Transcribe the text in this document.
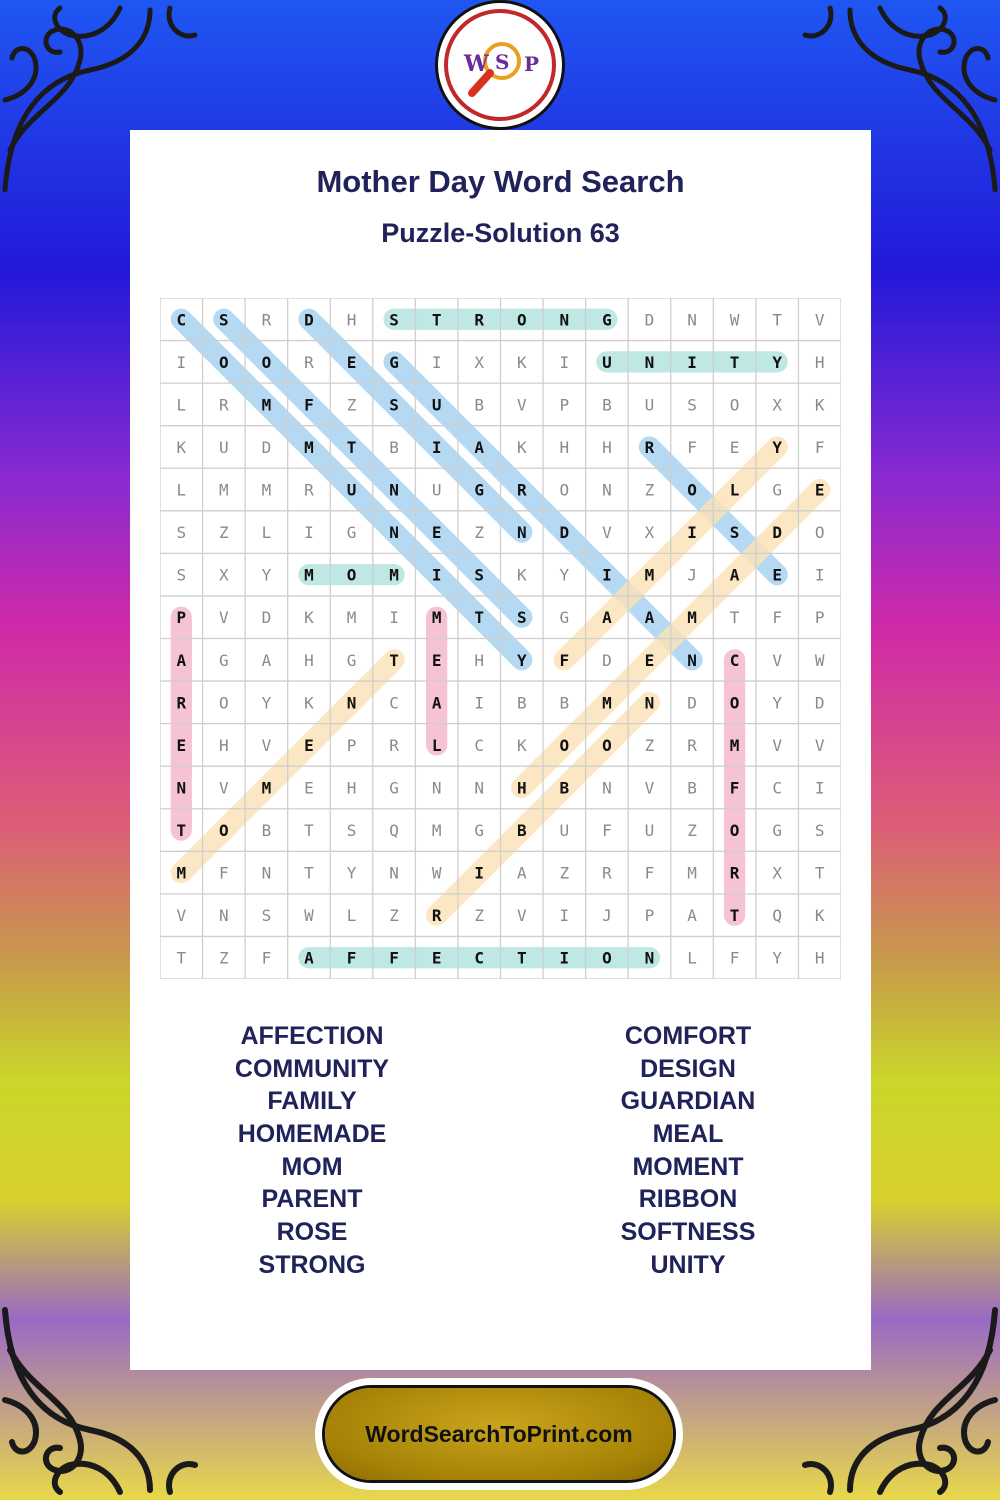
W S P
Mother Day Word Search
Puzzle-Solution 63
C S R D H S T R O N G D N W T V
I O O R E G I X K I U N I T Y H
L R M F Z S U B V P B U S O X K
K U D M T B I A K H H R F E Y F
L M M R U N U G R O N Z O L G E
S Z L I G N E Z N D V X I S D O
S X Y M O M I S K Y I M J A E I
P V D K M I M T S G A A M T F P
A G A H G T E H Y F D E N C V W
R O Y K N C A I B B M N D O Y D
E H V E P R L C K O O Z R M V V
N V M E H G N N H B N V B F C I
T O B T S Q M G B U F U Z O G S
M F N T Y N W I A Z R F M R X T
V N S W L Z R Z V I J P A T Q K
T Z F A F F E C T I O N L F Y H
AFFECTION
COMMUNITY
FAMILY
HOMEMADE
MOM
PARENT
ROSE
STRONG
COMFORT
DESIGN
GUARDIAN
MEAL
MOMENT
RIBBON
SOFTNESS
UNITY
WordSearchToPrint.com
